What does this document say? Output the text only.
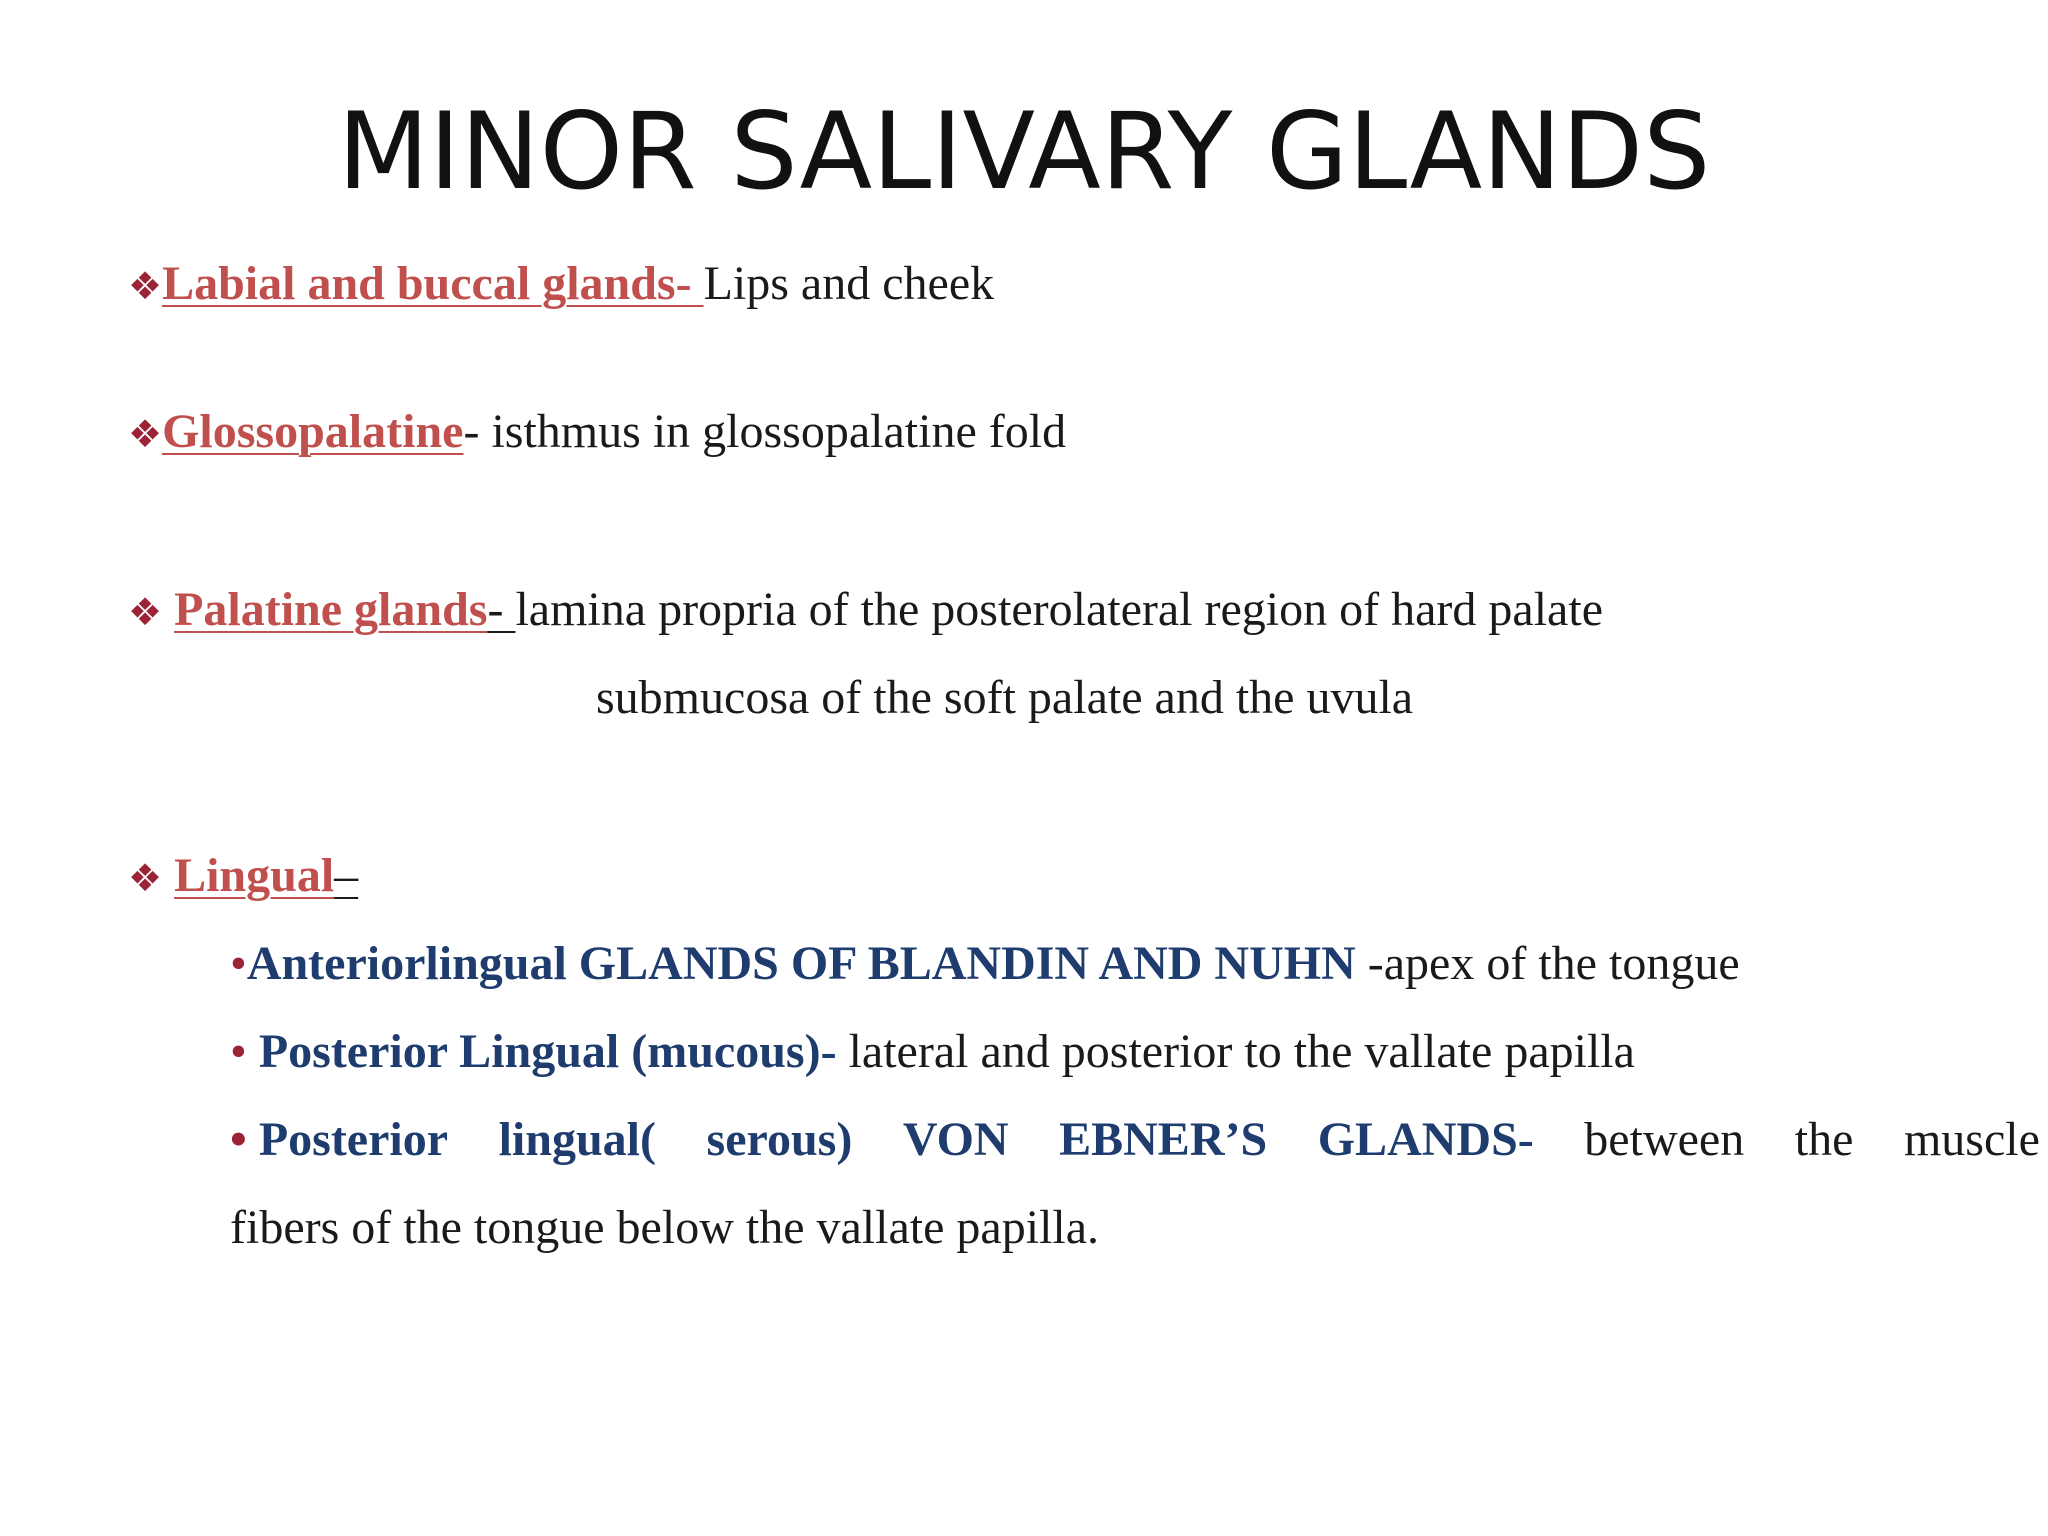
MINOR SALIVARY GLANDS
❖Labial and buccal glands- Lips and cheek
❖Glossopalatine- isthmus in glossopalatine fold
❖ Palatine glands- lamina propria of the posterolateral region of hard palate
submucosa of the soft palate and the uvula
❖ Lingual–
•Anteriorlingual GLANDS OF BLANDIN AND NUHN -apex of the tongue
• Posterior Lingual (mucous)- lateral and posterior to the vallate papilla
• Posterior lingual( serous) VON EBNER’S GLANDS- between the muscle
fibers of the tongue below the vallate papilla.
